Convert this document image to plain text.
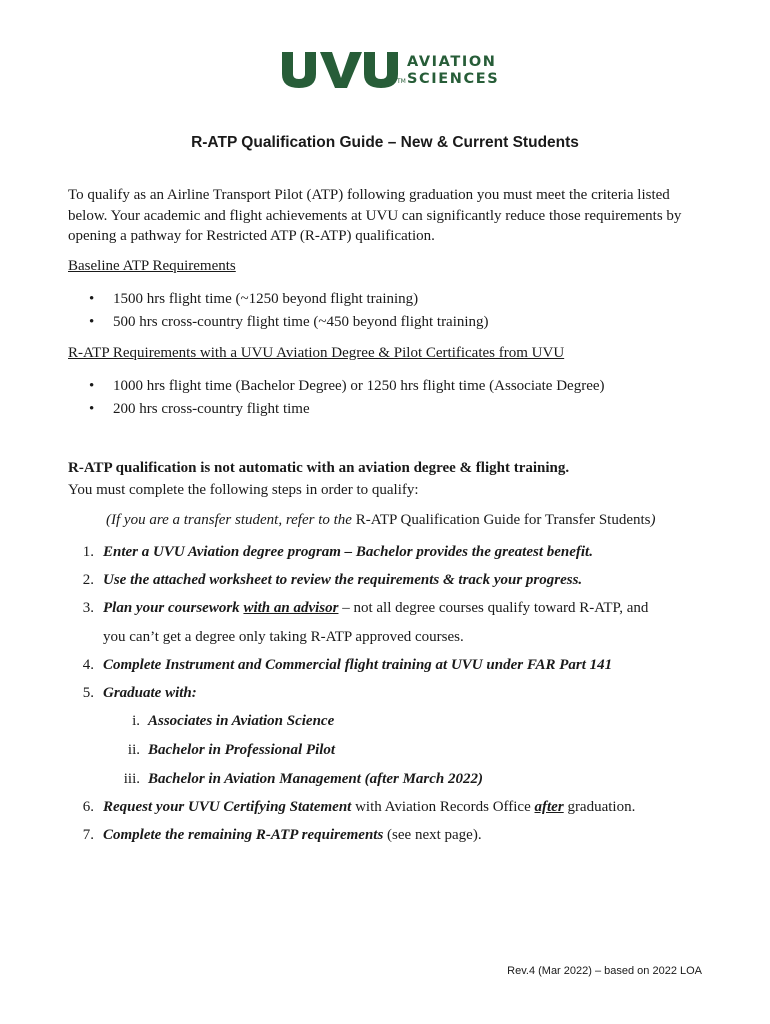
TM
AVIATION
SCIENCES
R-ATP Qualification Guide – New & Current Students
To qualify as an Airline Transport Pilot (ATP) following graduation you must meet the criteria listed below. Your academic and flight achievements at UVU can significantly reduce those requirements by opening a pathway for Restricted ATP (R-ATP) qualification.
Baseline ATP Requirements
• 1500 hrs flight time (~1250 beyond flight training)
• 500 hrs cross-country flight time (~450 beyond flight training)
R-ATP Requirements with a UVU Aviation Degree & Pilot Certificates from UVU
• 1000 hrs flight time (Bachelor Degree) or 1250 hrs flight time (Associate Degree)
• 200 hrs cross-country flight time
R-ATP qualification is not automatic with an aviation degree & flight training.
You must complete the following steps in order to qualify:
(If you are a transfer student, refer to the R-ATP Qualification Guide for Transfer Students)
1. Enter a UVU Aviation degree program – Bachelor provides the greatest benefit.
2. Use the attached worksheet to review the requirements & track your progress.
3. Plan your coursework with an advisor – not all degree courses qualify toward R-ATP, and
you can’t get a degree only taking R-ATP approved courses.
4. Complete Instrument and Commercial flight training at UVU under FAR Part 141
5. Graduate with:
i. Associates in Aviation Science
ii. Bachelor in Professional Pilot
iii. Bachelor in Aviation Management (after March 2022)
6. Request your UVU Certifying Statement with Aviation Records Office after graduation.
7. Complete the remaining R-ATP requirements (see next page).
Rev.4 (Mar 2022) – based on 2022 LOA
